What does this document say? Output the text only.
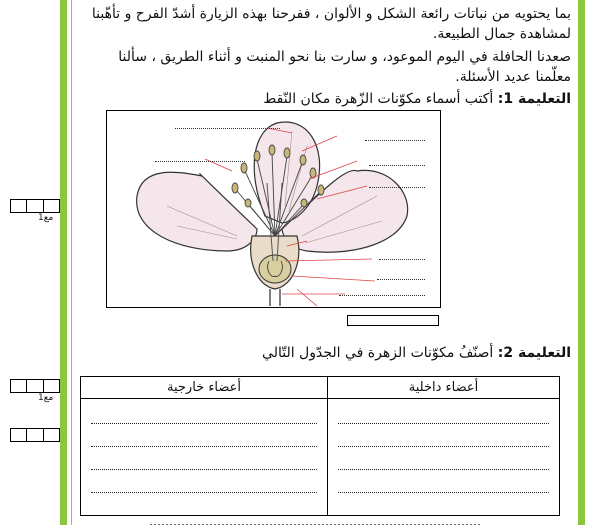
مع1
مع1
بما يحتويه من نباتات رائعة الشكل و الألوان ، ففرحنا بهذه الزيارة أشدّ الفرح و تأهّبنا
لمشاهدة جمال الطبيعة.
صعدنا الحافلة في اليوم الموعود، و سارت بنا نحو المنبت و أثناء الطريق ، سألنا
معلّمنا عديد الأسئلة.
التعليمة 1: أكتب أسماء مكوّنات الزّهرة مكان النّقط
التعليمة 2: أصنّفُ مكوّنات الزهرة في الجدّول التّالي
أعضاء داخلية	أعضاء خارجية
